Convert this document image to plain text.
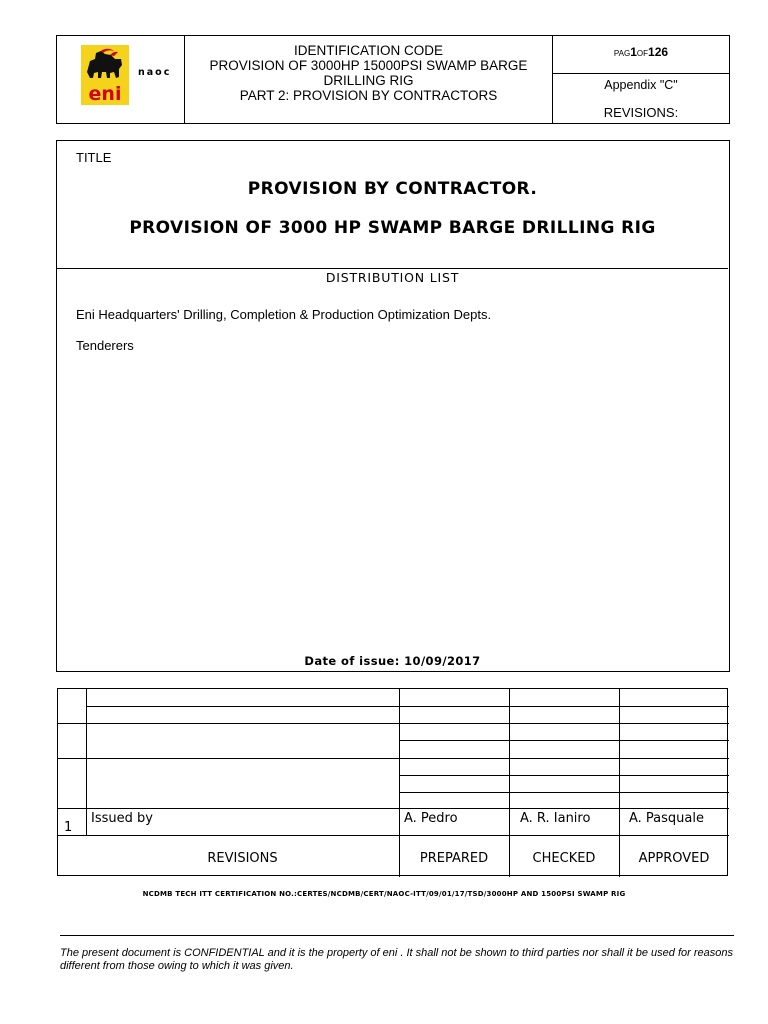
eni
naoc
IDENTIFICATION CODE
PROVISION OF 3000HP 15000PSI SWAMP BARGE
DRILLING RIG
PART 2: PROVISION BY CONTRACTORS
PAG1OF126
Appendix "C"
REVISIONS:
TITLE
PROVISION BY CONTRACTOR.
PROVISION OF 3000 HP SWAMP BARGE DRILLING RIG
DISTRIBUTION LIST
Eni Headquarters' Drilling, Completion & Production Optimization Depts.
Tenderers
Date of issue: 10/09/2017
1
Issued by	A. Pedro	A. R. Ianiro	A. Pasquale
REVISIONS	PREPARED	CHECKED	APPROVED
NCDMB TECH ITT CERTIFICATION NO.:CERTES/NCDMB/CERT/NAOC-ITT/09/01/17/TSD/3000HP AND 1500PSI SWAMP RIG
The present document is CONFIDENTIAL and it is the property of eni . It shall not be shown to third parties nor shall it be used for reasons different from those owing to which it was given.
